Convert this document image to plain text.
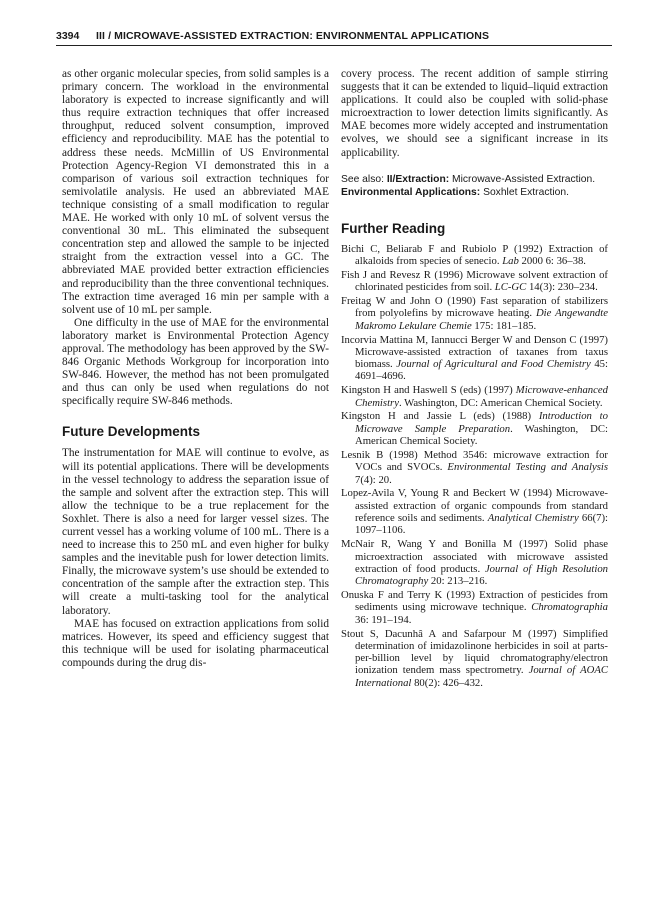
3394 III / MICROWAVE-ASSISTED EXTRACTION: ENVIRONMENTAL APPLICATIONS

as other organic molecular species, from solid samples is a primary concern. The workload in the environmental laboratory is expected to increase significantly and will thus require extraction techniques that offer increased throughput, reduced solvent consumption, improved efficiency and reproducibility. MAE has the potential to address these needs. McMillin of US Environmental Protection Agency-Region VI demonstrated this in a comparison of various soil extraction techniques for semivolatile analysis. He used an abbreviated MAE technique consisting of a small modification to regular MAE. He worked with only 10 mL of solvent versus the conventional 30 mL. This eliminated the subsequent concentration step and allowed the sample to be injected straight from the extraction vessel into a GC. The abbreviated MAE provided better extraction efficiencies and reproducibility than the three conventional techniques. The extraction time averaged 16 min per sample with a solvent use of 10 mL per sample.

One difficulty in the use of MAE for the environmental laboratory market is Environmental Protection Agency approval. The methodology has been approved by the SW-846 Organic Methods Workgroup for incorporation into SW-846. However, the method has not been promulgated and thus can only be used when regulations do not specifically require SW-846 methods.

Future Developments

The instrumentation for MAE will continue to evolve, as will its potential applications. There will be developments in the vessel technology to address the separation issue of the sample and solvent after the extraction step. This will allow the technique to be a true replacement for the Soxhlet. There is also a need for larger vessel sizes. The current vessel has a working volume of 100 mL. There is a need to increase this to 250 mL and even higher for bulky samples and the inevitable push for lower detection limits. Finally, the microwave system’s use should be extended to concentration of the sample after the extraction step. This will create a multi-tasking tool for the analytical laboratory.

MAE has focused on extraction applications from solid matrices. However, its speed and efficiency suggest that this technique will be used for isolating pharmaceutical compounds during the drug dis-

covery process. The recent addition of sample stirring suggests that it can be extended to liquid–liquid extraction applications. It could also be coupled with solid-phase microextraction to lower detection limits significantly. As MAE becomes more widely accepted and instrumentation evolves, we should see a significant increase in its applicability.

See also: II/Extraction: Microwave-Assisted Extraction. Environmental Applications: Soxhlet Extraction.
Further Reading
Bichi C, Beliarab F and Rubiolo P (1992) Extraction of alkaloids from species of senecio. Lab 2000 6: 36–38.
Fish J and Revesz R (1996) Microwave solvent extraction of chlorinated pesticides from soil. LC-GC 14(3): 230–234.
Freitag W and John O (1990) Fast separation of stabilizers from polyolefins by microwave heating. Die Angewandte Makromo Lekulare Chemie 175: 181–185.
Incorvia Mattina M, Iannucci Berger W and Denson C (1997) Microwave-assisted extraction of taxanes from taxus biomass. Journal of Agricultural and Food Chemistry 45: 4691–4696.
Kingston H and Haswell S (eds) (1997) Microwave-enhanced Chemistry. Washington, DC: American Chemical Society.
Kingston H and Jassie L (eds) (1988) Introduction to Microwave Sample Preparation. Washington, DC: American Chemical Society.
Lesnik B (1998) Method 3546: microwave extraction for VOCs and SVOCs. Environmental Testing and Analysis 7(4): 20.
Lopez-Avila V, Young R and Beckert W (1994) Microwave-assisted extraction of organic compounds from standard reference soils and sediments. Analytical Chemistry 66(7): 1097–1106.
McNair R, Wang Y and Bonilla M (1997) Solid phase microextraction associated with microwave assisted extraction of food products. Journal of High Resolution Chromatography 20: 213–216.
Onuska F and Terry K (1993) Extraction of pesticides from sediments using microwave technique. Chromatographia 36: 191–194.
Stout S, Dacunhâ A and Safarpour M (1997) Simplified determination of imidazolinone herbicides in soil at parts-per-billion level by liquid chromatography/electron ionization tendem mass spectrometry. Journal of AOAC International 80(2): 426–432.
